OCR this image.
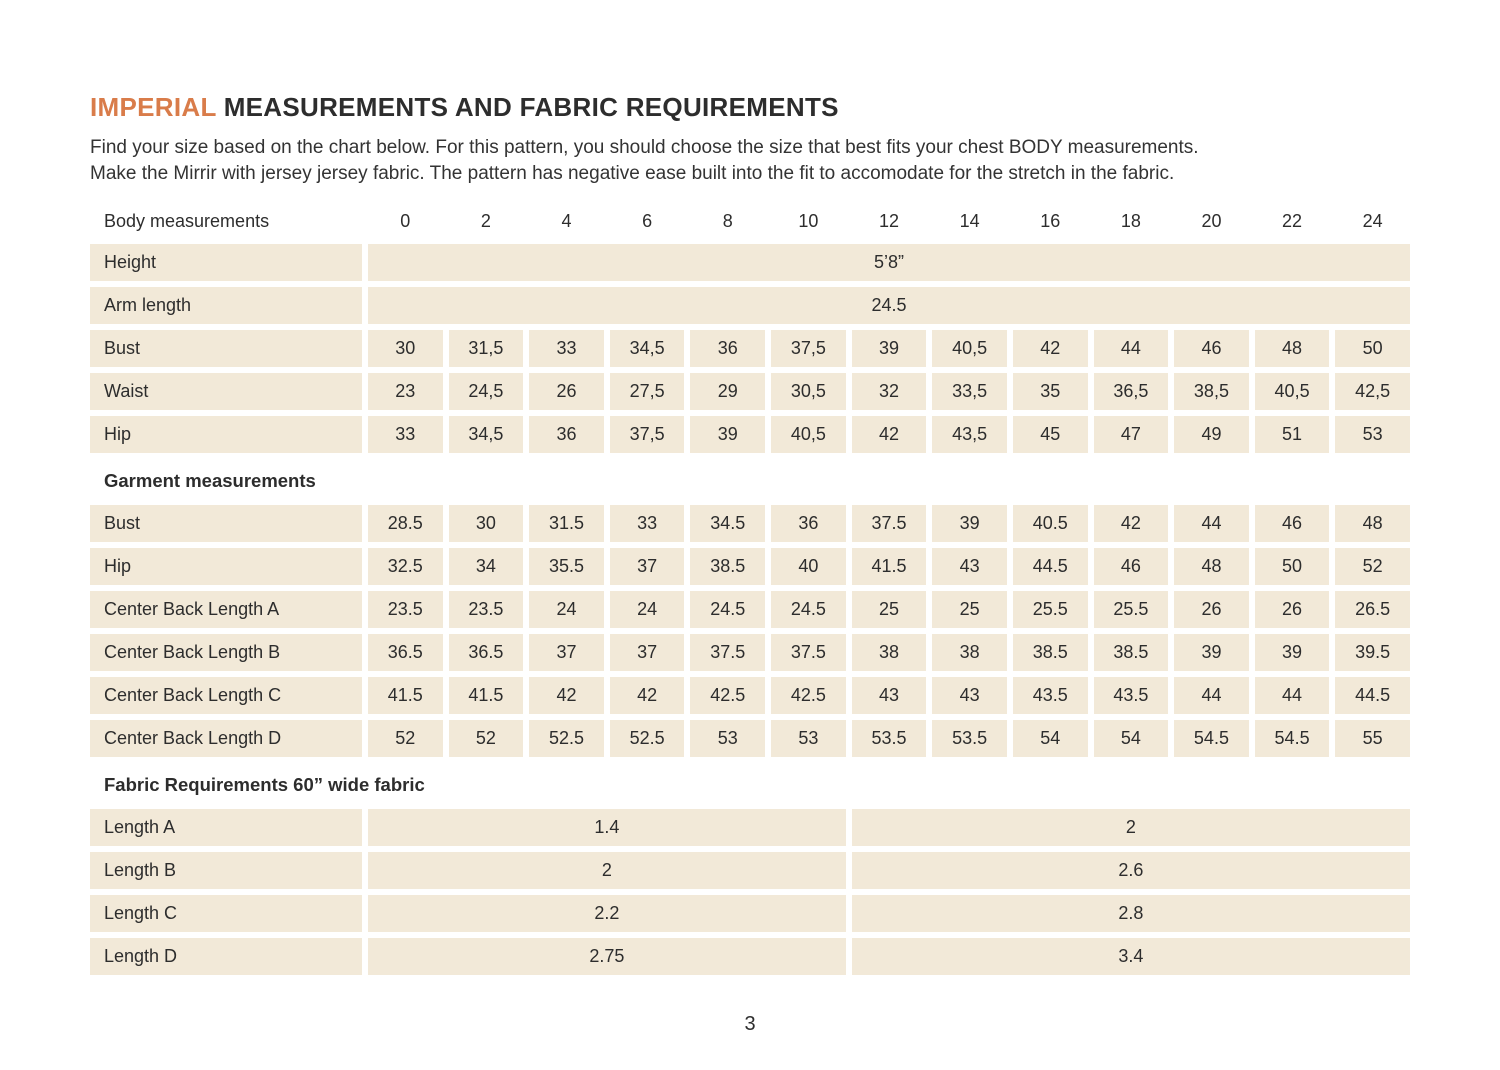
IMPERIAL MEASUREMENTS AND FABRIC REQUIREMENTS

Find your size based on the chart below. For this pattern, you should choose the size that best fits your chest BODY measurements.

Make the Mirrir with jersey jersey fabric. The pattern has negative ease built into the fit to accomodate for the stretch in the fabric.

Body measurements	0	2	4	6	8	10	12	14	16	18	20	22	24
Height	5’8”
Arm length	24.5
Bust	30	31,5	33	34,5	36	37,5	39	40,5	42	44	46	48	50
Waist	23	24,5	26	27,5	29	30,5	32	33,5	35	36,5	38,5	40,5	42,5
Hip	33	34,5	36	37,5	39	40,5	42	43,5	45	47	49	51	53
Garment measurements
Bust	28.5	30	31.5	33	34.5	36	37.5	39	40.5	42	44	46	48
Hip	32.5	34	35.5	37	38.5	40	41.5	43	44.5	46	48	50	52
Center Back Length A	23.5	23.5	24	24	24.5	24.5	25	25	25.5	25.5	26	26	26.5
Center Back Length B	36.5	36.5	37	37	37.5	37.5	38	38	38.5	38.5	39	39	39.5
Center Back Length C	41.5	41.5	42	42	42.5	42.5	43	43	43.5	43.5	44	44	44.5
Center Back Length D	52	52	52.5	52.5	53	53	53.5	53.5	54	54	54.5	54.5	55
Fabric Requirements 60” wide fabric
Length A	1.4	2
Length B	2	2.6
Length C	2.2	2.8
Length D	2.75	3.4
3
